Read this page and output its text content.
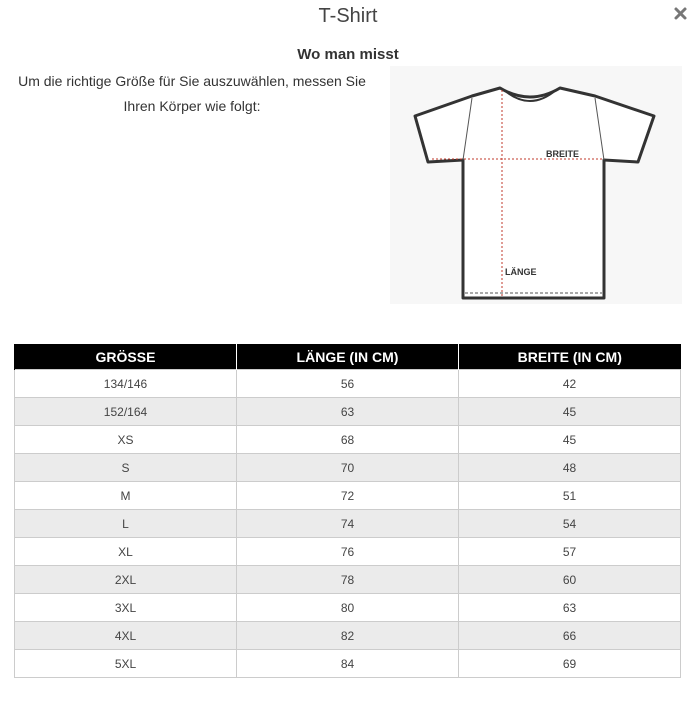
T-Shirt
Wo man misst
Um die richtige Größe für Sie auszuwählen, messen Sie Ihren Körper wie folgt:
BREITE
LÄNGE
GRÖSSE	LÄNGE (IN CM)	BREITE (IN CM)
134/146	56	42
152/164	63	45
XS	68	45
S	70	48
M	72	51
L	74	54
XL	76	57
2XL	78	60
3XL	80	63
4XL	82	66
5XL	84	69
